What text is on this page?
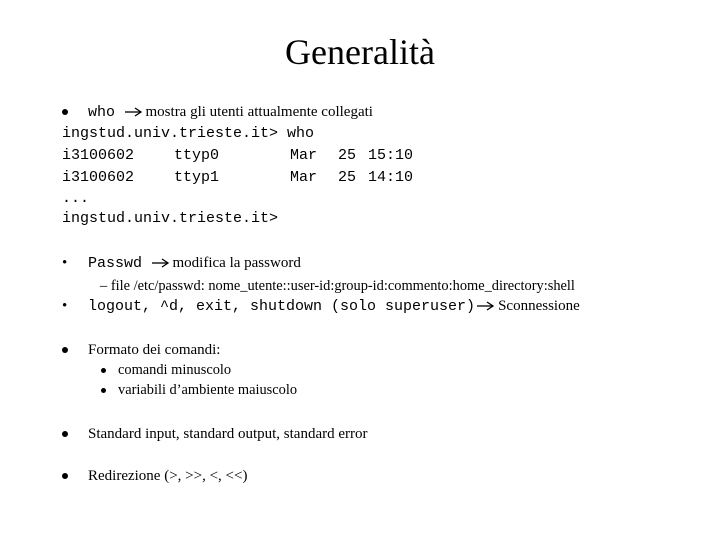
Generalità
who mostra gli utenti attualmente collegati
ingstud.univ.trieste.it> who
i3100602	ttyp0	Mar 25 15:10
i3100602	ttyp1	Mar 25 14:10
...
ingstud.univ.trieste.it>
• Passwd modifica la password
– file /etc/passwd: nome_utente::user-id:group-id:commento:home_directory:shell
• logout, ^d, exit, shutdown (solo superuser) Sconnessione
Formato dei comandi:
comandi minuscolo
variabili d’ambiente maiuscolo
Standard input, standard output, standard error
Redirezione (>, >>, <, <<)
